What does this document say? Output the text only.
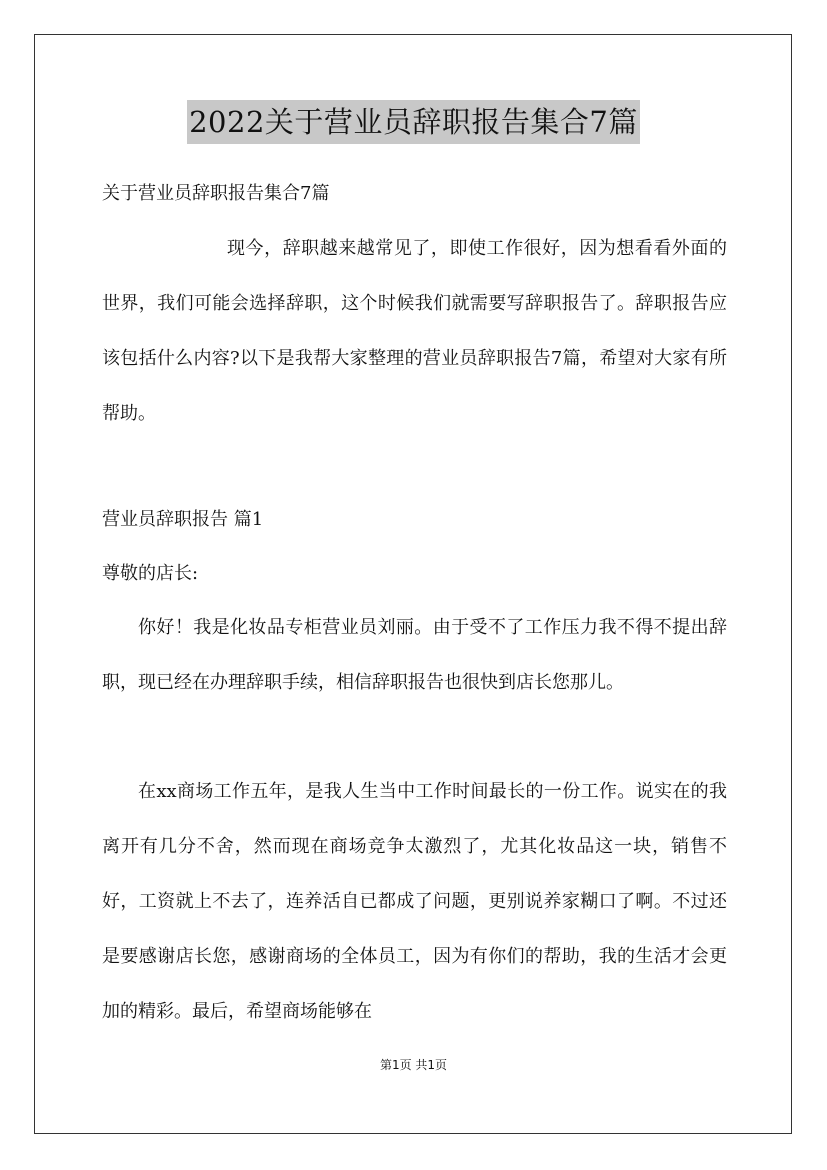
2022关于营业员辞职报告集合7篇
关于营业员辞职报告集合7篇

现今，辞职越来越常见了，即使工作很好，因为想看看外面的世界，我们可能会选择辞职，这个时候我们就需要写辞职报告了。辞职报告应该包括什么内容?以下是我帮大家整理的营业员辞职报告7篇，希望对大家有所帮助。

营业员辞职报告 篇1
尊敬的店长:

你好！我是化妆品专柜营业员刘丽。由于受不了工作压力我不得不提出辞职，现已经在办理辞职手续，相信辞职报告也很快到店长您那儿。

在xx商场工作五年，是我人生当中工作时间最长的一份工作。说实在的我离开有几分不舍，然而现在商场竞争太激烈了，尤其化妆品这一块，销售不好，工资就上不去了，连养活自已都成了问题，更别说养家糊口了啊。不过还是要感谢店长您，感谢商场的全体员工，因为有你们的帮助，我的生活才会更加的精彩。最后，希望商场能够在

第1页 共1页
